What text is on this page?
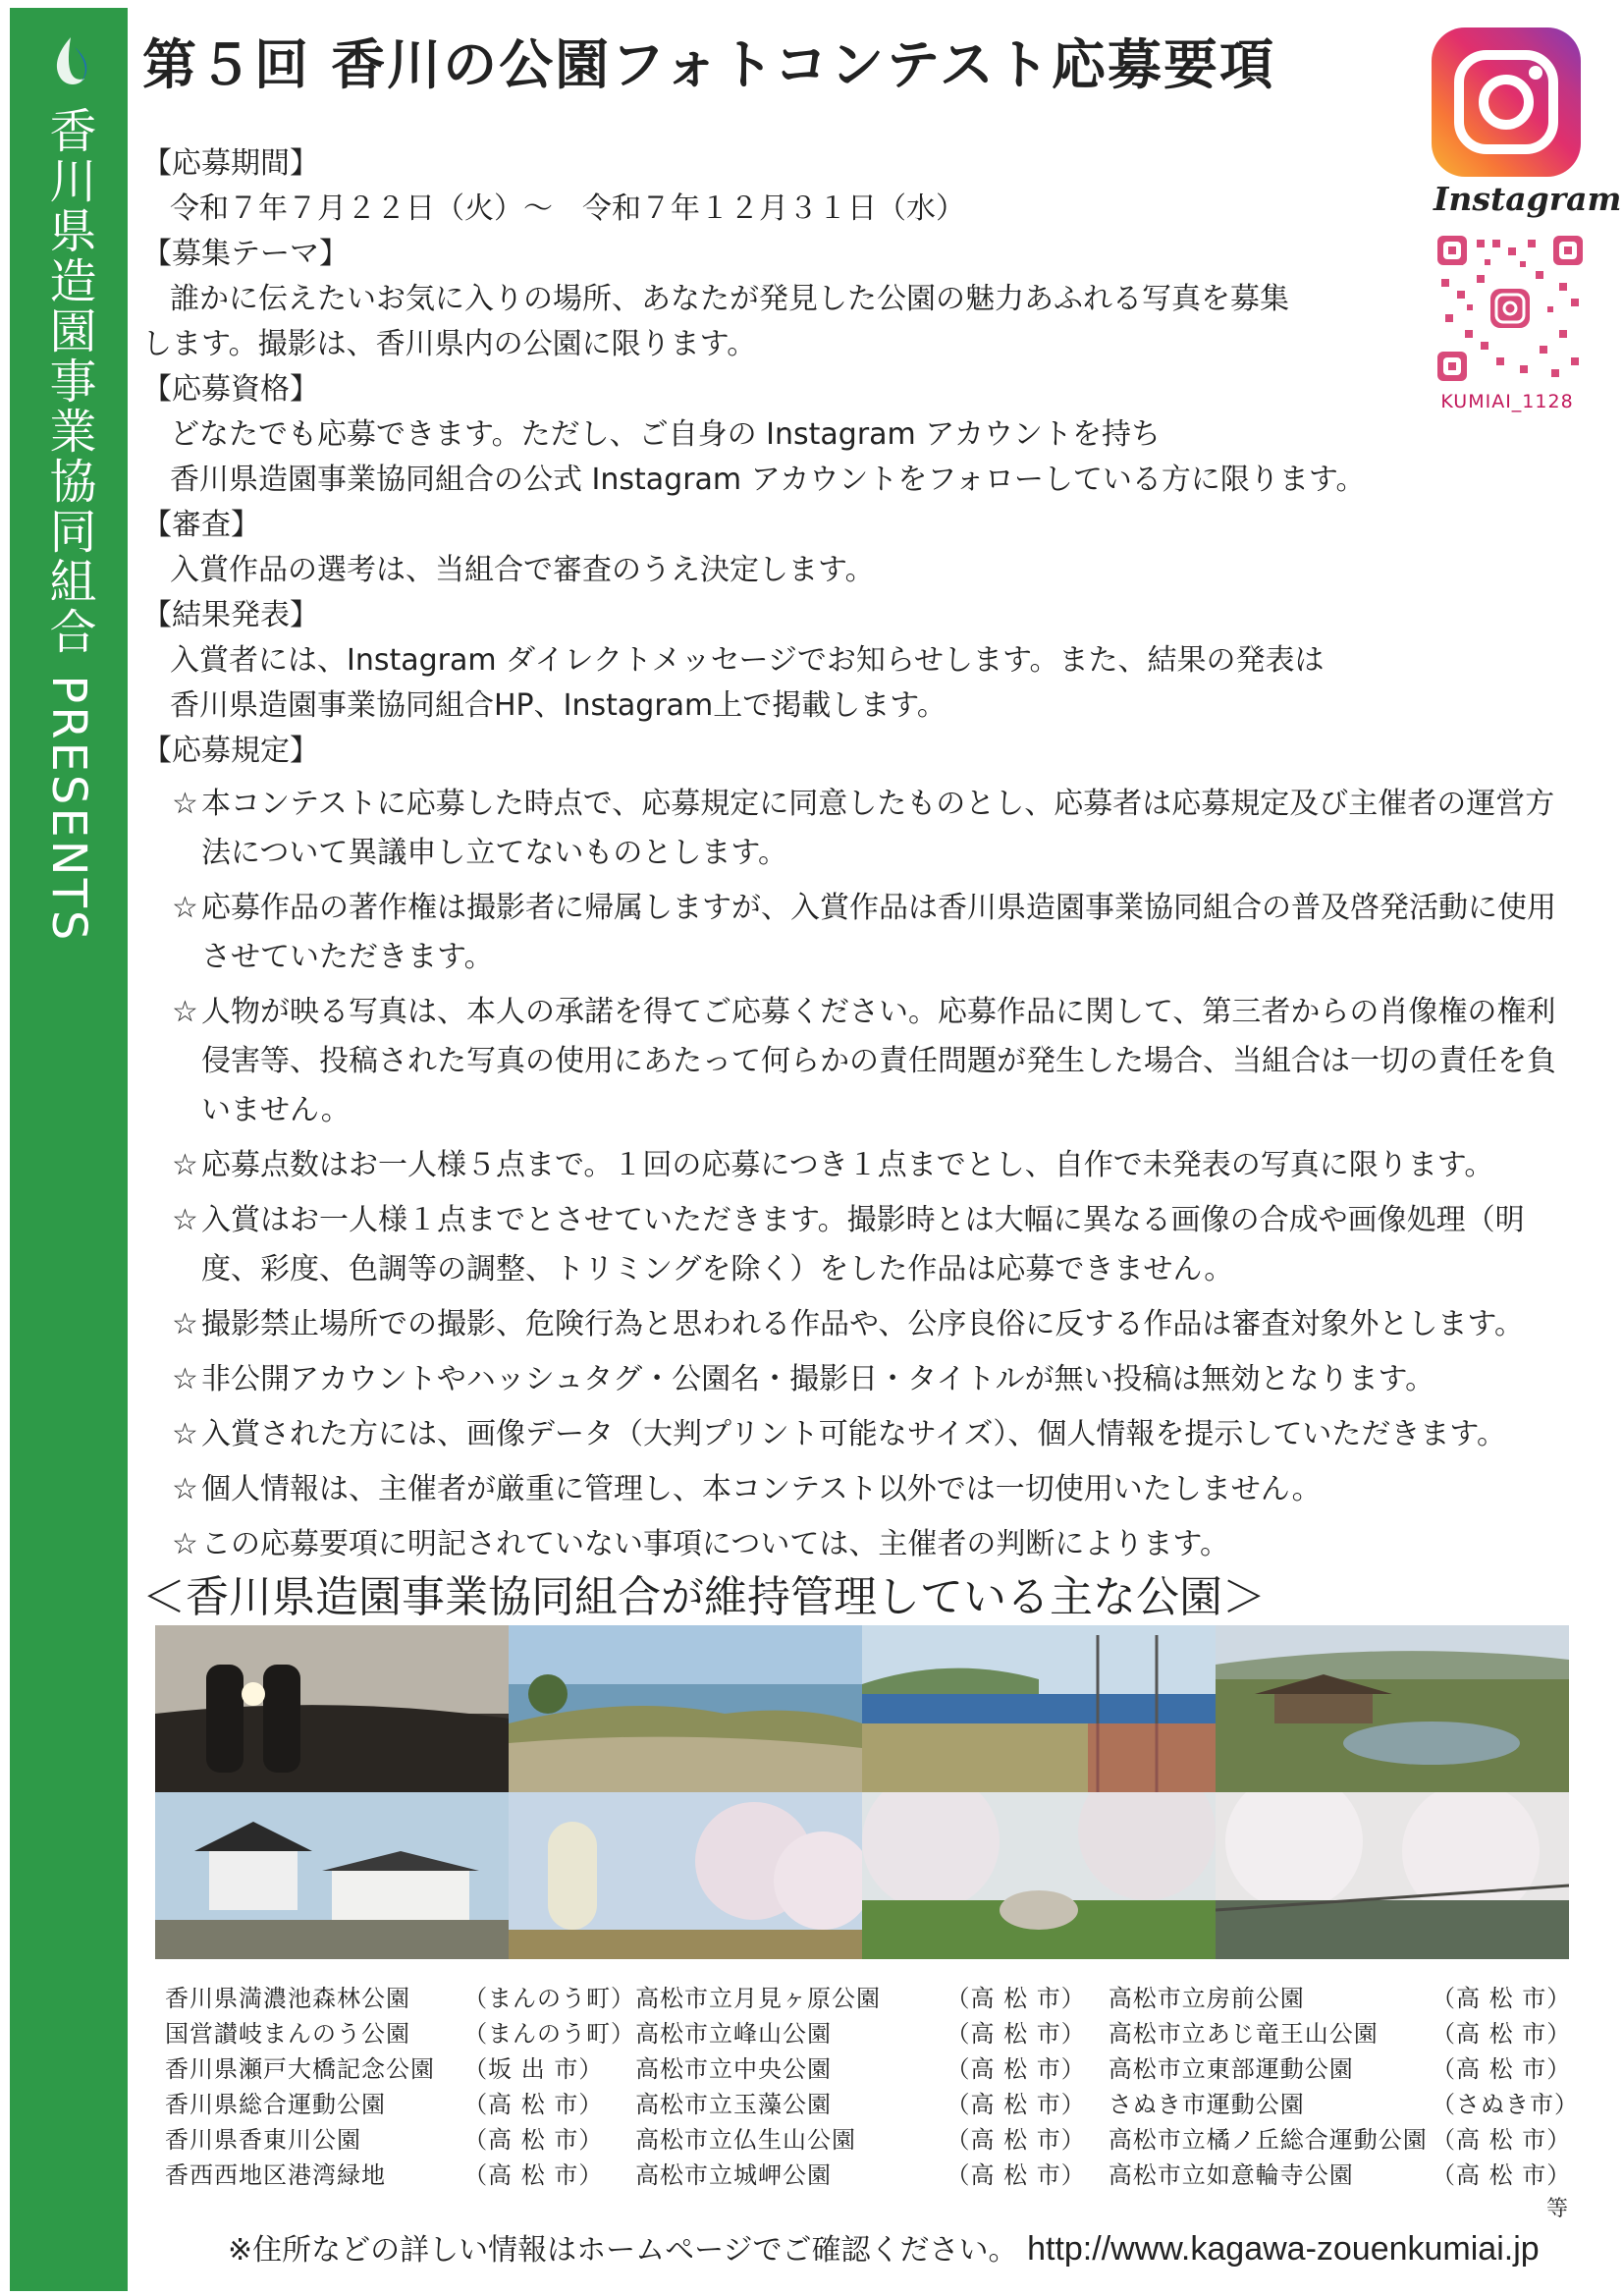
香川県造園事業協同組合 PRESENTS
第５回 香川の公園フォトコンテスト応募要項
Instagram
KUMIAI_1128

【応募期間】

令和７年７月２２日（火）～　令和７年１２月３１日（水）

【募集テーマ】

誰かに伝えたいお気に入りの場所、あなたが発見した公園の魅力あふれる写真を募集

します。撮影は、香川県内の公園に限ります。

【応募資格】

どなたでも応募できます。ただし、ご自身の Instagram アカウントを持ち

香川県造園事業協同組合の公式 Instagram アカウントをフォローしている方に限ります。

【審査】

入賞作品の選考は、当組合で審査のうえ決定します。

【結果発表】

入賞者には、Instagram ダイレクトメッセージでお知らせします。また、結果の発表は

香川県造園事業協同組合HP、Instagram上で掲載します。

【応募規定】

☆ 本コンテストに応募した時点で、応募規定に同意したものとし、応募者は応募規定及び主催者の運営方法について異議申し立てないものとします。

☆ 応募作品の著作権は撮影者に帰属しますが、入賞作品は香川県造園事業協同組合の普及啓発活動に使用させていただきます。

☆ 人物が映る写真は、本人の承諾を得てご応募ください。応募作品に関して、第三者からの肖像権の権利侵害等、投稿された写真の使用にあたって何らかの責任問題が発生した場合、当組合は一切の責任を負いません。

☆ 応募点数はお一人様５点まで。１回の応募につき１点までとし、自作で未発表の写真に限ります。

☆ 入賞はお一人様１点までとさせていただきます。撮影時とは大幅に異なる画像の合成や画像処理（明度、彩度、色調等の調整、トリミングを除く）をした作品は応募できません。

☆ 撮影禁止場所での撮影、危険行為と思われる作品や、公序良俗に反する作品は審査対象外とします。

☆ 非公開アカウントやハッシュタグ・公園名・撮影日・タイトルが無い投稿は無効となります。

☆ 入賞された方には、画像データ（大判プリント可能なサイズ）、個人情報を提示していただきます。

☆ 個人情報は、主催者が厳重に管理し、本コンテスト以外では一切使用いたしません。

☆ この応募要項に明記されていない事項については、主催者の判断によります。

＜香川県造園事業協同組合が維持管理している主な公園＞
香川県満濃池森林公園	（まんのう町）	高松市立月見ヶ原公園	（高 松 市）	高松市立房前公園	（高 松 市）
国営讃岐まんのう公園	（まんのう町）	高松市立峰山公園	（高 松 市）	高松市立あじ竜王山公園	（高 松 市）
香川県瀬戸大橋記念公園	（坂 出 市）	高松市立中央公園	（高 松 市）	高松市立東部運動公園	（高 松 市）
香川県総合運動公園	（高 松 市）	高松市立玉藻公園	（高 松 市）	さぬき市運動公園	（さぬき市）
香川県香東川公園	（高 松 市）	高松市立仏生山公園	（高 松 市）	高松市立橘ノ丘総合運動公園	（高 松 市）
香西西地区港湾緑地	（高 松 市）	高松市立城岬公園	（高 松 市）	高松市立如意輪寺公園	（高 松 市）
等
※住所などの詳しい情報はホームページでご確認ください。 http://www.kagawa-zouenkumiai.jp
